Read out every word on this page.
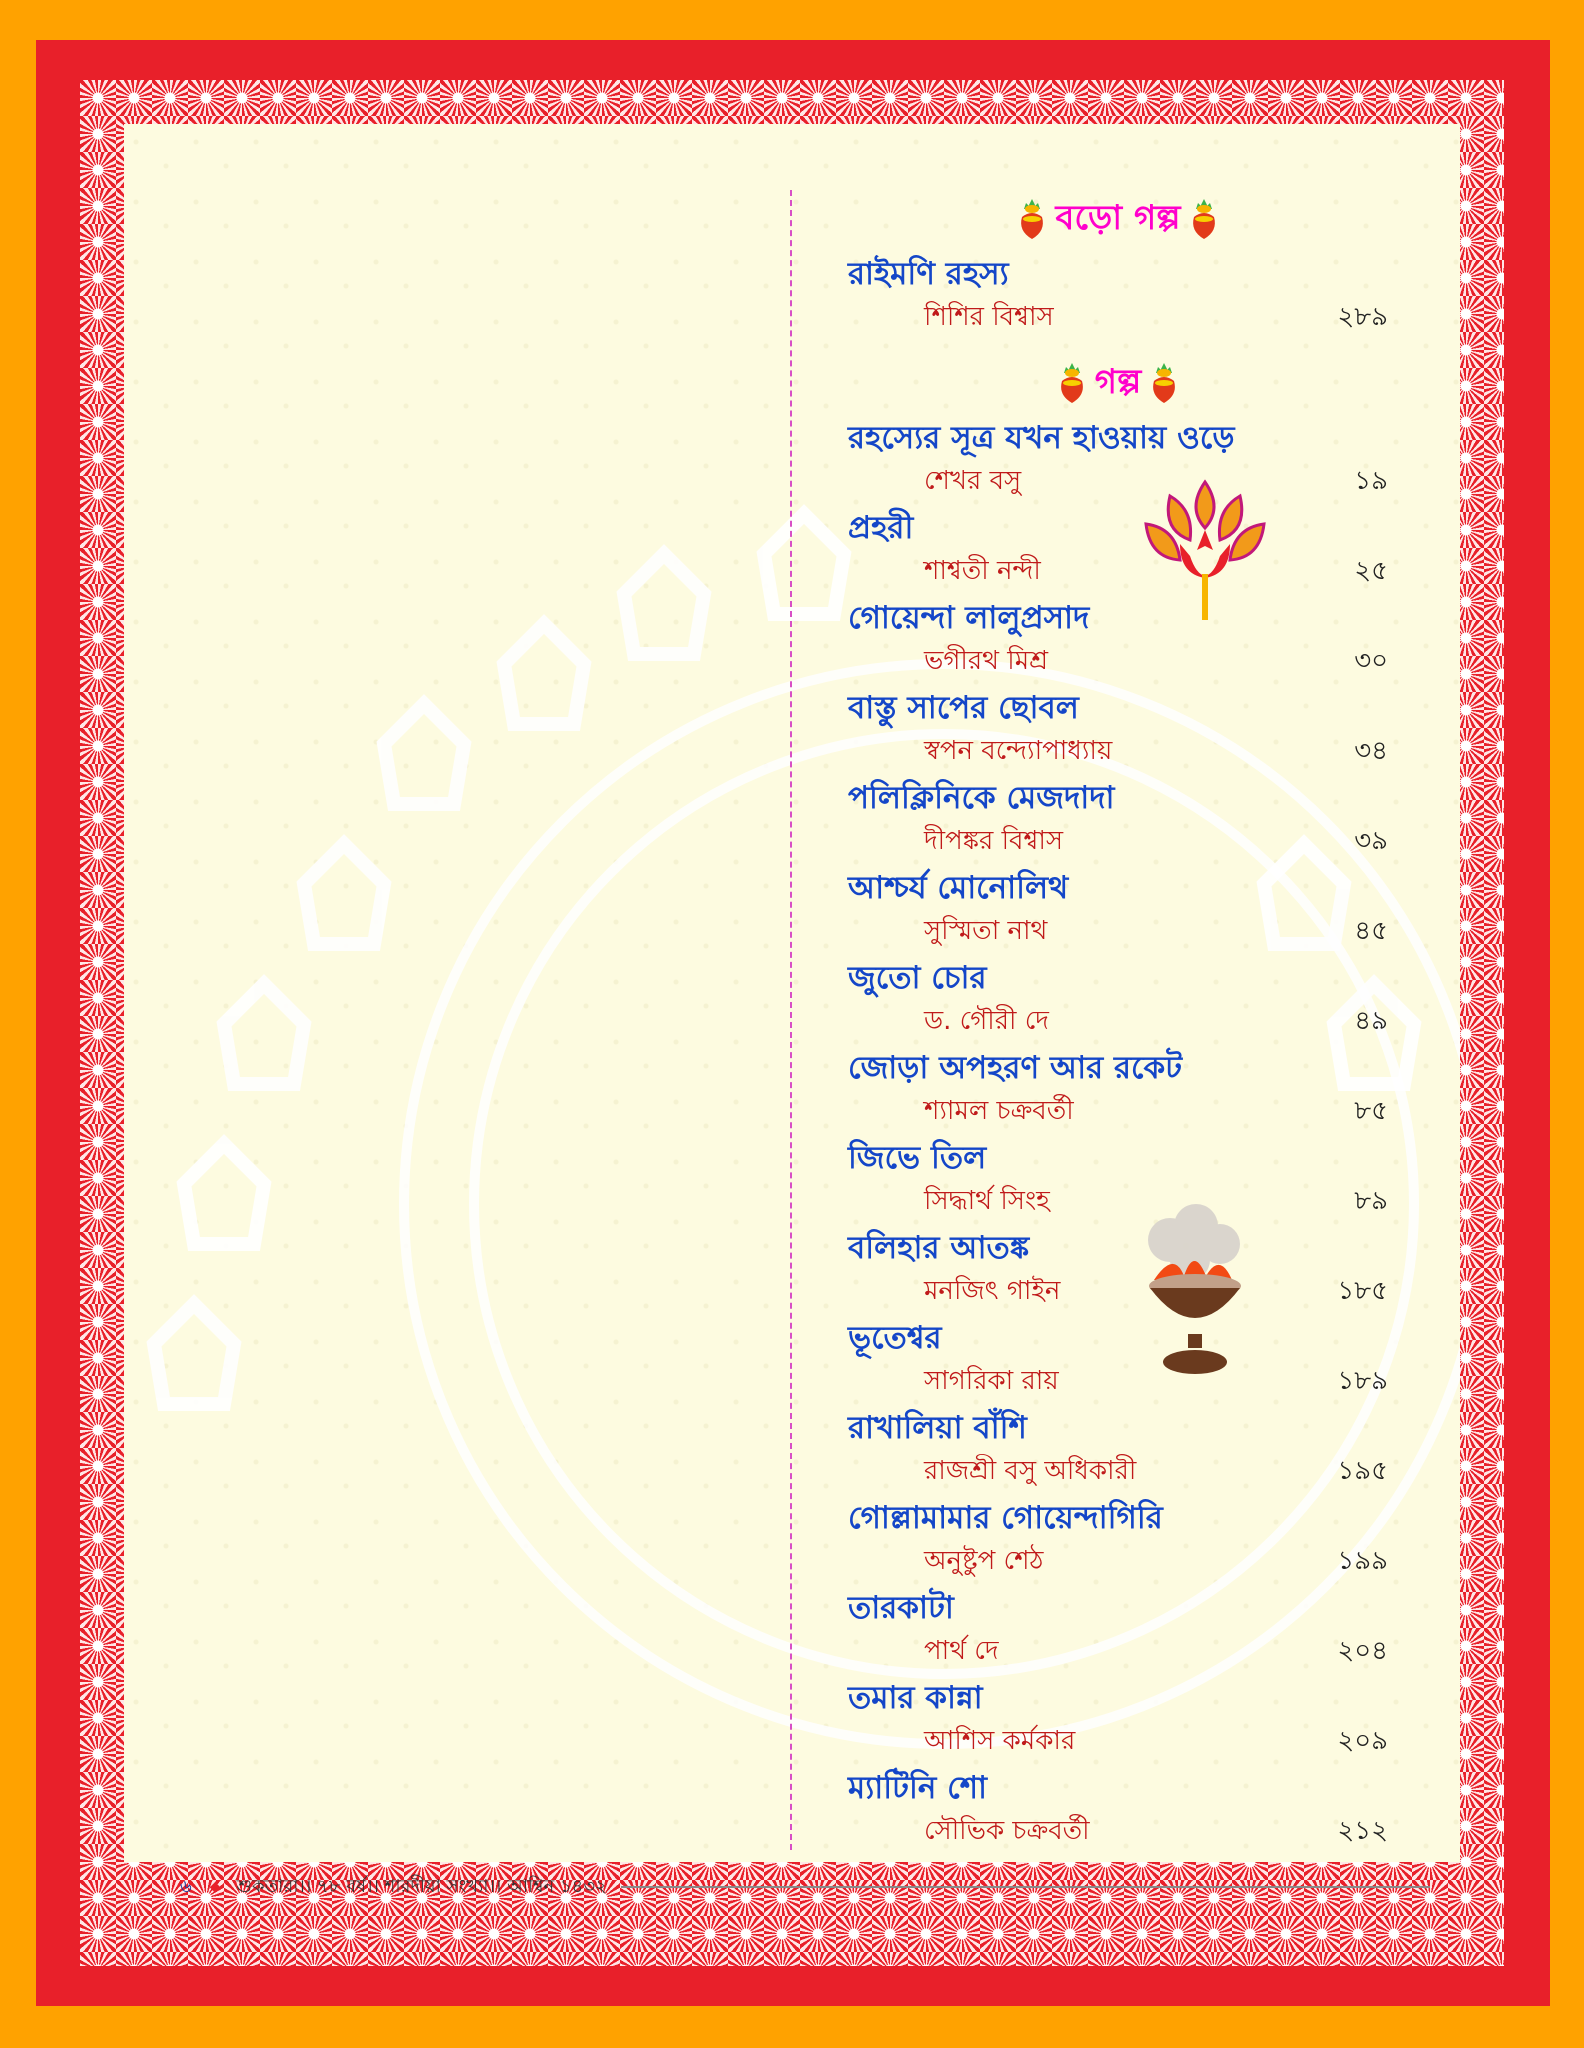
বড়ো গল্প
রাইমণি রহস্য
শিশির বিশ্বাস	২৮৯
গল্প
রহস্যের সূত্র যখন হাওয়ায় ওড়ে
শেখর বসু	১৯
প্রহরী
শাশ্বতী নন্দী	২৫
গোয়েন্দা লালুপ্রসাদ
ভগীরথ মিশ্র	৩০
বাস্তু সাপের ছোবল
স্বপন বন্দ্যোপাধ্যায়	৩৪
পলিক্লিনিকে মেজদাদা
দীপঙ্কর বিশ্বাস	৩৯
আশ্চর্য মোনোলিথ
সুস্মিতা নাথ	৪৫
জুতো চোর
ড. গৌরী দে	৪৯
জোড়া অপহরণ আর রকেট
শ্যামল চক্রবর্তী	৮৫
জিভে তিল
সিদ্ধার্থ সিংহ	৮৯
বলিহার আতঙ্ক
মনজিৎ গাইন	১৮৫
ভূতেশ্বর
সাগরিকা রায়	১৮৯
রাখালিয়া বাঁশি
রাজশ্রী বসু অধিকারী	১৯৫
গোল্লামামার গোয়েন্দাগিরি
অনুষ্টুপ শেঠ	১৯৯
তারকাটা
পার্থ দে	২০৪
তমার কান্না
আশিস কর্মকার	২০৯
ম্যাটিনি শো
সৌভিক চক্রবর্তী	২১২
৬ ◆ শুকতারা।। ৭৮ বর্ষ।। শারদীয়া সংখ্যা।। আশ্বিন ১৪৩২
